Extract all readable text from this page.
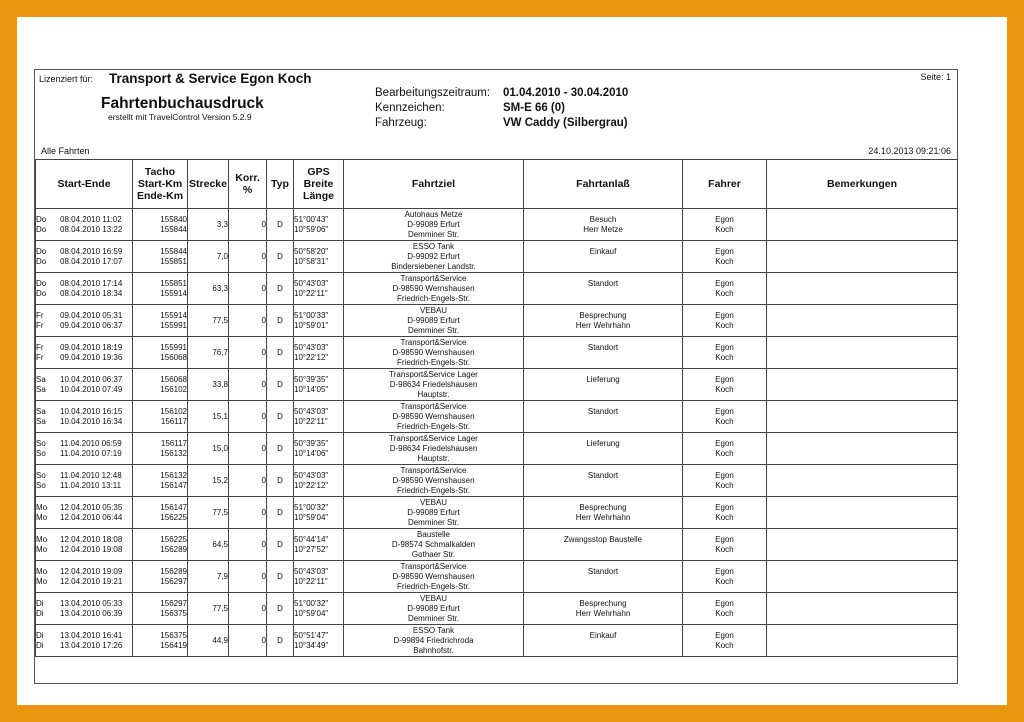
Lizenziert für: Transport & Service Egon Koch
Fahrtenbuchausdruck
erstellt mit TravelControl Version 5.2.9
Seite: 1
Bearbeitungszeitraum:	01.04.2010 - 30.04.2010
Kennzeichen:	SM-E 66 (0)
Fahrzeug:	VW Caddy (Silbergrau)
Alle Fahrten	24.10.2013 09:21:06
Start-Ende	Tacho
Start-Km
Ende-Km	Strecke	Korr.
%	Typ	GPS
Breite
Länge	Fahrtziel	Fahrtanlaß	Fahrer	Bemerkungen

Do 08.04.2010 11:02
Do 08.04.2010 13:22	155840
155844	3,3	0	D	51°00'43"
10°59'06"	Autohaus Metze
D-99089 Erfurt
Demminer Str.	Besuch
Herr Metze	Egon
Koch	

Do 08.04.2010 16:59
Do 08.04.2010 17:07	155844
155851	7,0	0	D	50°58'20"
10°58'31"	ESSO Tank
D-99092 Erfurt
Bindersiebener Landstr.	Einkauf	Egon
Koch	

Do 08.04.2010 17:14
Do 08.04.2010 18:34	155851
155914	63,3	0	D	50°43'03"
10°22'11"	Transport&Service
D-98590 Wernshausen
Friedrich-Engels-Str.	Standort	Egon
Koch	

Fr 09.04.2010 05:31
Fr 09.04.2010 06:37	155914
155991	77,5	0	D	51°00'33"
10°59'01"	VEBAU
D-99089 Erfurt
Demminer Str.	Besprechung
Herr Wehrhahn	Egon
Koch	

Fr 09.04.2010 18:19
Fr 09.04.2010 19:36	155991
156068	76,7	0	D	50°43'03"
10°22'12"	Transport&Service
D-98590 Wernshausen
Friedrich-Engels-Str.	Standort	Egon
Koch	

Sa 10.04.2010 06:37
Sa 10.04.2010 07:49	156068
156102	33,8	0	D	50°39'35"
10°14'05"	Transport&Service Lager
D-98634 Friedelshausen
Hauptstr.	Lieferung	Egon
Koch	

Sa 10.04.2010 16:15
Sa 10.04.2010 16:34	156102
156117	15,1	0	D	50°43'03"
10°22'11"	Transport&Service
D-98590 Wernshausen
Friedrich-Engels-Str.	Standort	Egon
Koch	

So 11.04.2010 06:59
So 11.04.2010 07:19	156117
156132	15,0	0	D	50°39'35"
10°14'06"	Transport&Service Lager
D-98634 Friedelshausen
Hauptstr.	Lieferung	Egon
Koch	

So 11.04.2010 12:48
So 11.04.2010 13:11	156132
156147	15,2	0	D	50°43'03"
10°22'12"	Transport&Service
D-98590 Wernshausen
Friedrich-Engels-Str.	Standort	Egon
Koch	

Mo 12.04.2010 05:35
Mo 12.04.2010 06:44	156147
156225	77,5	0	D	51°00'32"
10°59'04"	VEBAU
D-99089 Erfurt
Demminer Str.	Besprechung
Herr Wehrhahn	Egon
Koch	

Mo 12.04.2010 18:08
Mo 12.04.2010 19:08	156225
156289	64,5	0	D	50°44'14"
10°27'52"	Baustelle
D-98574 Schmalkalden
Gothaer Str.	Zwangsstop Baustelle	Egon
Koch	

Mo 12.04.2010 19:09
Mo 12.04.2010 19:21	156289
156297	7,9	0	D	50°43'03"
10°22'11"	Transport&Service
D-98590 Wernshausen
Friedrich-Engels-Str.	Standort	Egon
Koch	

Di 13.04.2010 05:33
Di 13.04.2010 06:39	156297
156375	77,5	0	D	51°00'32"
10°59'04"	VEBAU
D-99089 Erfurt
Demminer Str.	Besprechung
Herr Wehrhahn	Egon
Koch	

Di 13.04.2010 16:41
Di 13.04.2010 17:26	156375
156419	44,9	0	D	50°51'47"
10°34'49"	ESSO Tank
D-99894 Friedrichroda
Bahnhofstr.	Einkauf	Egon
Koch	
